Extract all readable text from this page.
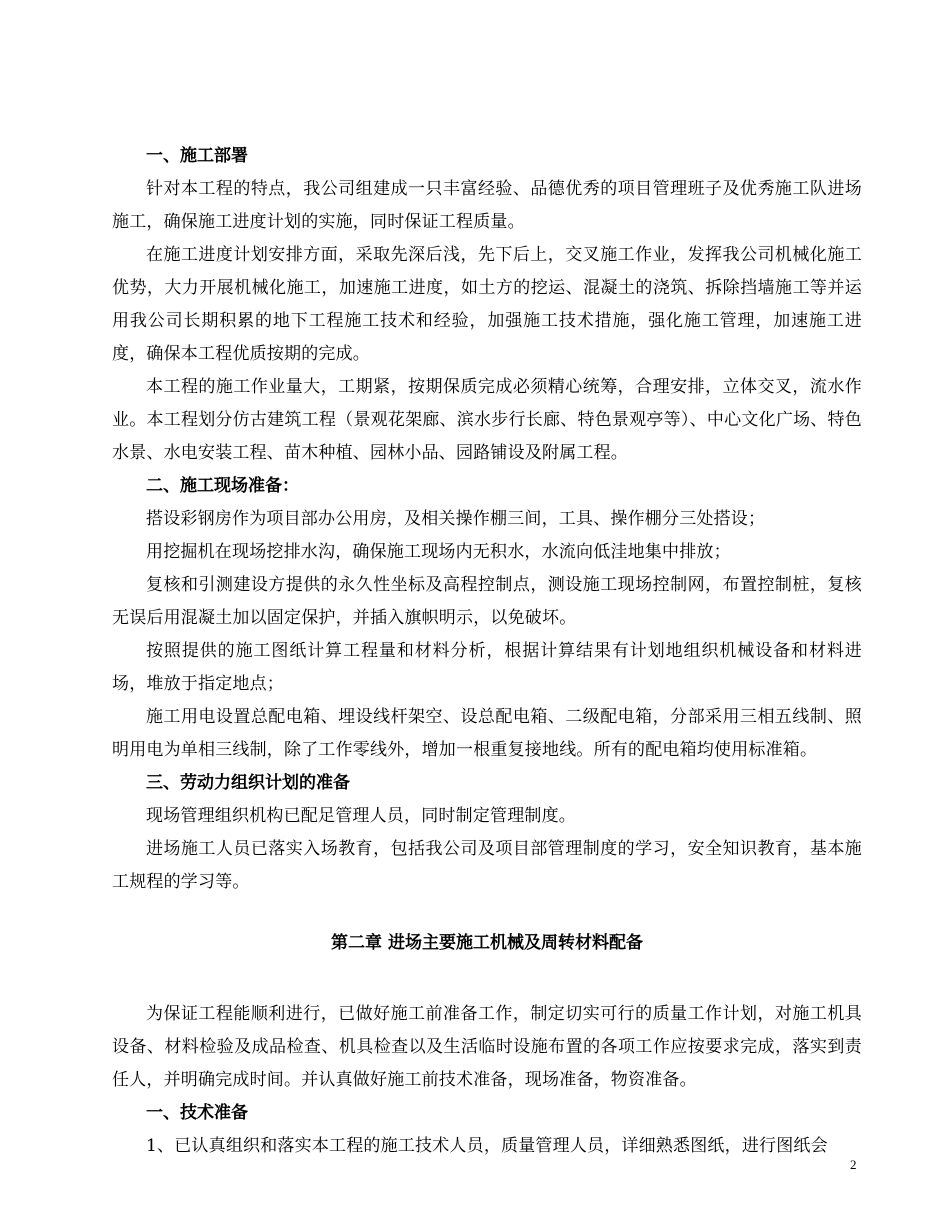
一、施工部署

针对本工程的特点，我公司组建成一只丰富经验、品德优秀的项目管理班子及优秀施工队进场施工，确保施工进度计划的实施，同时保证工程质量。

在施工进度计划安排方面，采取先深后浅，先下后上，交叉施工作业，发挥我公司机械化施工优势，大力开展机械化施工，加速施工进度，如土方的挖运、混凝土的浇筑、拆除挡墙施工等并运用我公司长期积累的地下工程施工技术和经验，加强施工技术措施，强化施工管理，加速施工进度，确保本工程优质按期的完成。

本工程的施工作业量大，工期紧，按期保质完成必须精心统筹，合理安排，立体交叉，流水作业。本工程划分仿古建筑工程（景观花架廊、滨水步行长廊、特色景观亭等）、中心文化广场、特色水景、水电安装工程、苗木种植、园林小品、园路铺设及附属工程。

二、施工现场准备：

搭设彩钢房作为项目部办公用房，及相关操作棚三间，工具、操作棚分三处搭设；

用挖掘机在现场挖排水沟，确保施工现场内无积水，水流向低洼地集中排放；

复核和引测建设方提供的永久性坐标及高程控制点，测设施工现场控制网，布置控制桩，复核无误后用混凝土加以固定保护，并插入旗帜明示，以免破坏。

按照提供的施工图纸计算工程量和材料分析，根据计算结果有计划地组织机械设备和材料进场，堆放于指定地点；

施工用电设置总配电箱、埋设线杆架空、设总配电箱、二级配电箱，分部采用三相五线制、照明用电为单相三线制，除了工作零线外，增加一根重复接地线。所有的配电箱均使用标准箱。

三、劳动力组织计划的准备

现场管理组织机构已配足管理人员，同时制定管理制度。

进场施工人员已落实入场教育，包括我公司及项目部管理制度的学习，安全知识教育，基本施工规程的学习等。

第二章 进场主要施工机械及周转材料配备

为保证工程能顺利进行，已做好施工前准备工作，制定切实可行的质量工作计划，对施工机具设备、材料检验及成品检查、机具检查以及生活临时设施布置的各项工作应按要求完成，落实到责任人，并明确完成时间。并认真做好施工前技术准备，现场准备，物资准备。

一、技术准备

1、已认真组织和落实本工程的施工技术人员，质量管理人员，详细熟悉图纸，进行图纸会

2
